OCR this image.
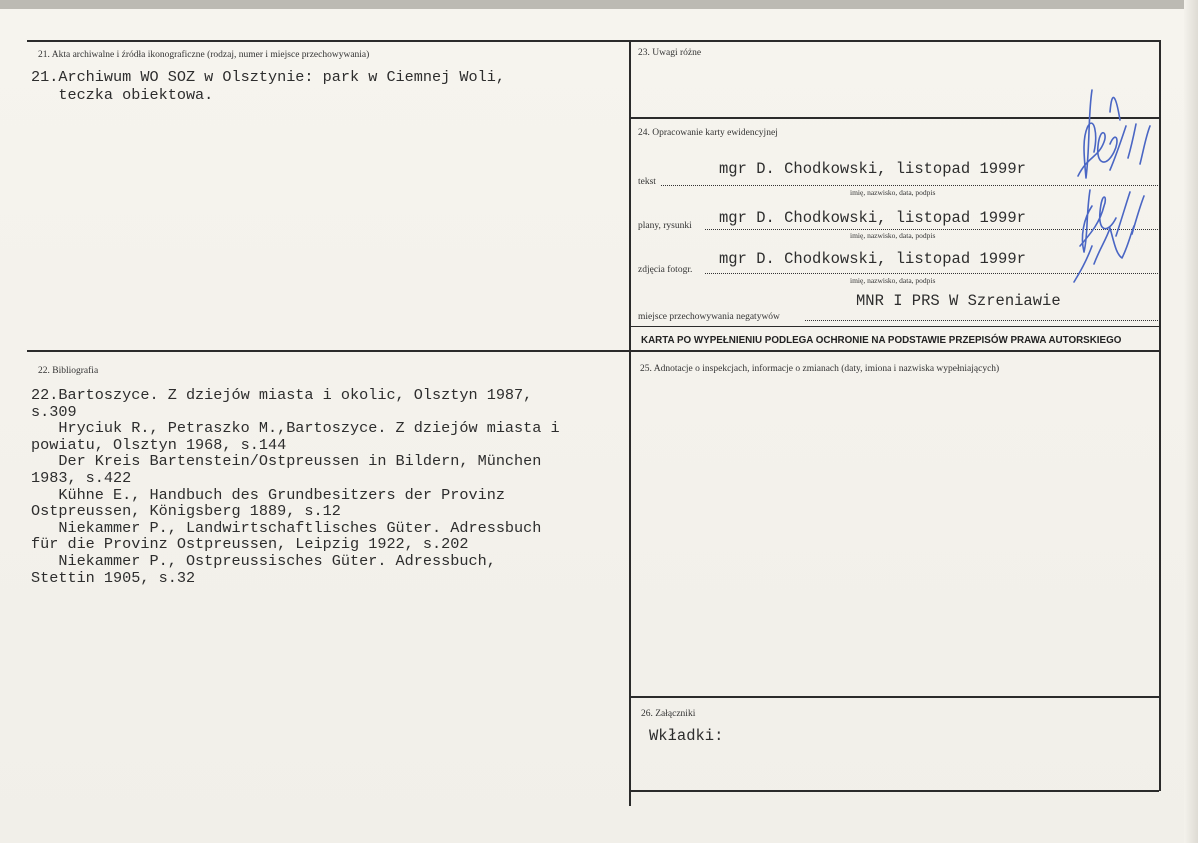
21. Akta archiwalne i źródła ikonograficzne (rodzaj, numer i miejsce przechowywania)
21.Archiwum WO SOZ w Olsztynie: park w Ciemnej Woli,
teczka obiektowa.
23. Uwagi różne
24. Opracowanie karty ewidencyjnej
tekst
mgr D. Chodkowski, listopad 1999r
imię, nazwisko, data, podpis
plany, rysunki mgr D. Chodkowski, listopad 1999r
imię, nazwisko, data, podpis
zdjęcia fotogr.
mgr D. Chodkowski, listopad 1999r
imię, nazwisko, data, podpis
MNR I PRS W Szreniawie
miejsce przechowywania negatywów
KARTA PO WYPEŁNIENIU PODLEGA OCHRONIE NA PODSTAWIE PRZEPISÓW PRAWA AUTORSKIEGO
22. Bibliografia
22.Bartoszyce. Z dziejów miasta i okolic, Olsztyn 1987,
s.309
Hryciuk R., Petraszko M.,Bartoszyce. Z dziejów miasta i
powiatu, Olsztyn 1968, s.144
Der Kreis Bartenstein/Ostpreussen in Bildern, München
1983, s.422
Kühne E., Handbuch des Grundbesitzers der Provinz
Ostpreussen, Königsberg 1889, s.12
Niekammer P., Landwirtschaftlisches Güter. Adressbuch
für die Provinz Ostpreussen, Leipzig 1922, s.202
Niekammer P., Ostpreussisches Güter. Adressbuch,
Stettin 1905, s.32
25. Adnotacje o inspekcjach, informacje o zmianach (daty, imiona i nazwiska wypełniających)
26. Załączniki
Wkładki:
